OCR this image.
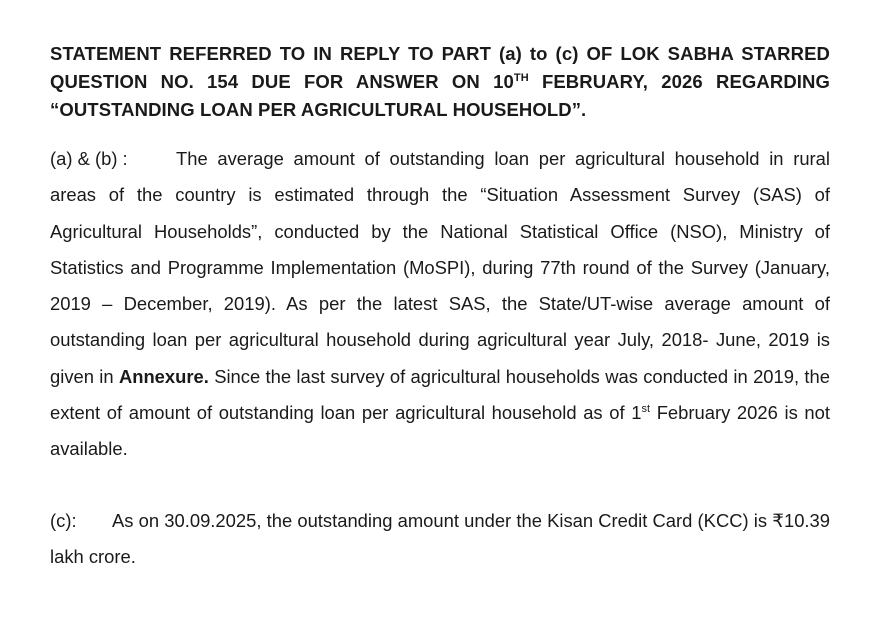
STATEMENT REFERRED TO IN REPLY TO PART (a) to (c) OF LOK SABHA STARRED QUESTION NO. 154 DUE FOR ANSWER ON 10TH FEBRUARY, 2026 REGARDING “OUTSTANDING LOAN PER AGRICULTURAL HOUSEHOLD”.

(a) & (b) :	The average amount of outstanding loan per agricultural household in rural areas of the country is estimated through the “Situation Assessment Survey (SAS) of Agricultural Households”, conducted by the National Statistical Office (NSO), Ministry of Statistics and Programme Implementation (MoSPI), during 77th round of the Survey (January, 2019 – December, 2019). As per the latest SAS, the State/UT-wise average amount of outstanding loan per agricultural household during agricultural year July, 2018- June, 2019 is given in Annexure. Since the last survey of agricultural households was conducted in 2019, the extent of amount of outstanding loan per agricultural household as of 1st February 2026 is not available.

(c): As on 30.09.2025, the outstanding amount under the Kisan Credit Card (KCC) is ₹10.39 lakh crore.
